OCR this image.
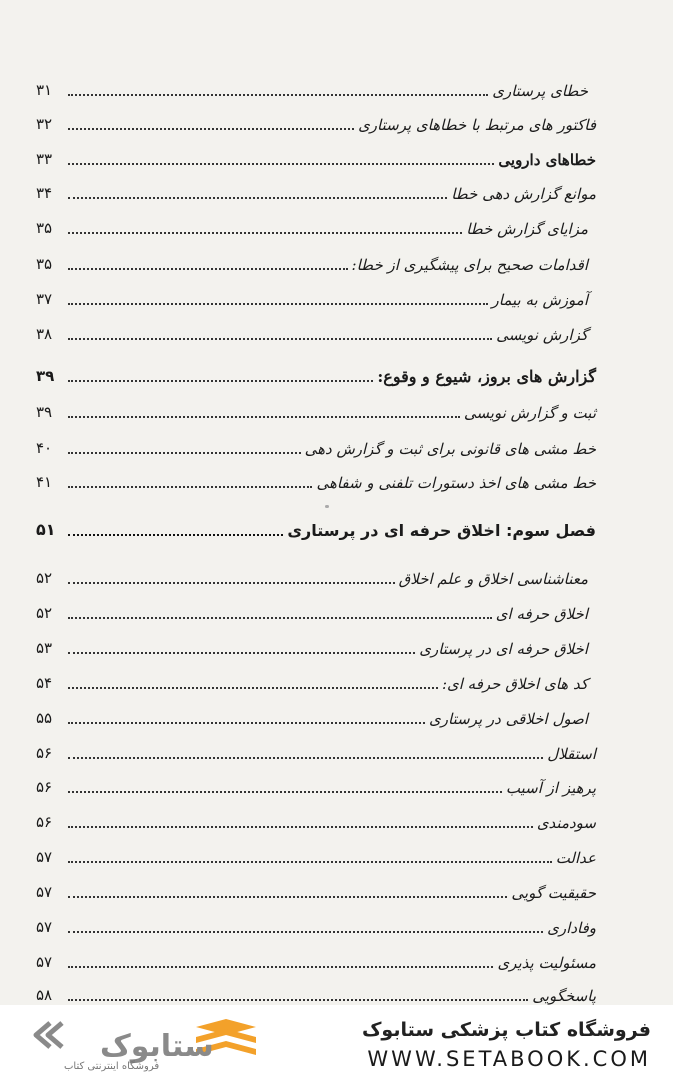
۳۱	خطای پرستاری
۳۲	فاکتور های مرتبط با خطاهای پرستاری
۳۳	خطاهای دارویی
۳۴	موانع گزارش دهی خطا
۳۵	مزایای گزارش خطا
۳۵	اقدامات صحیح برای پیشگیری از خطا:
۳۷	آموزش به بیمار
۳۸	گزارش نویسی
۳۹	گزارش های بروز، شیوع و وقوع:
۳۹	ثبت و گزارش نویسی
۴۰	خط مشی های قانونی برای ثبت و گزارش دهی
۴۱	خط مشی های اخذ دستورات تلفنی و شفاهی
۵۱	فصل سوم: اخلاق حرفه ای در پرستاری
۵۲	معناشناسی اخلاق و علم اخلاق
۵۲	اخلاق حرفه ای
۵۳	اخلاق حرفه ای در پرستاری
۵۴	کد های اخلاق حرفه ای:
۵۵	اصول اخلاقی در پرستاری
۵۶	استقلال
۵۶	پرهیز از آسیب
۵۶	سودمندی
۵۷	عدالت
۵۷	حقیقیت گویی
۵۷	وفاداری
۵۷	مسئولیت پذیری
۵۸	پاسخگویی
ستابوک
فروشگاه اینترنتی کتاب
فروشگاه کتاب پزشکی ستابوک
WWW.SETABOOK.COM
